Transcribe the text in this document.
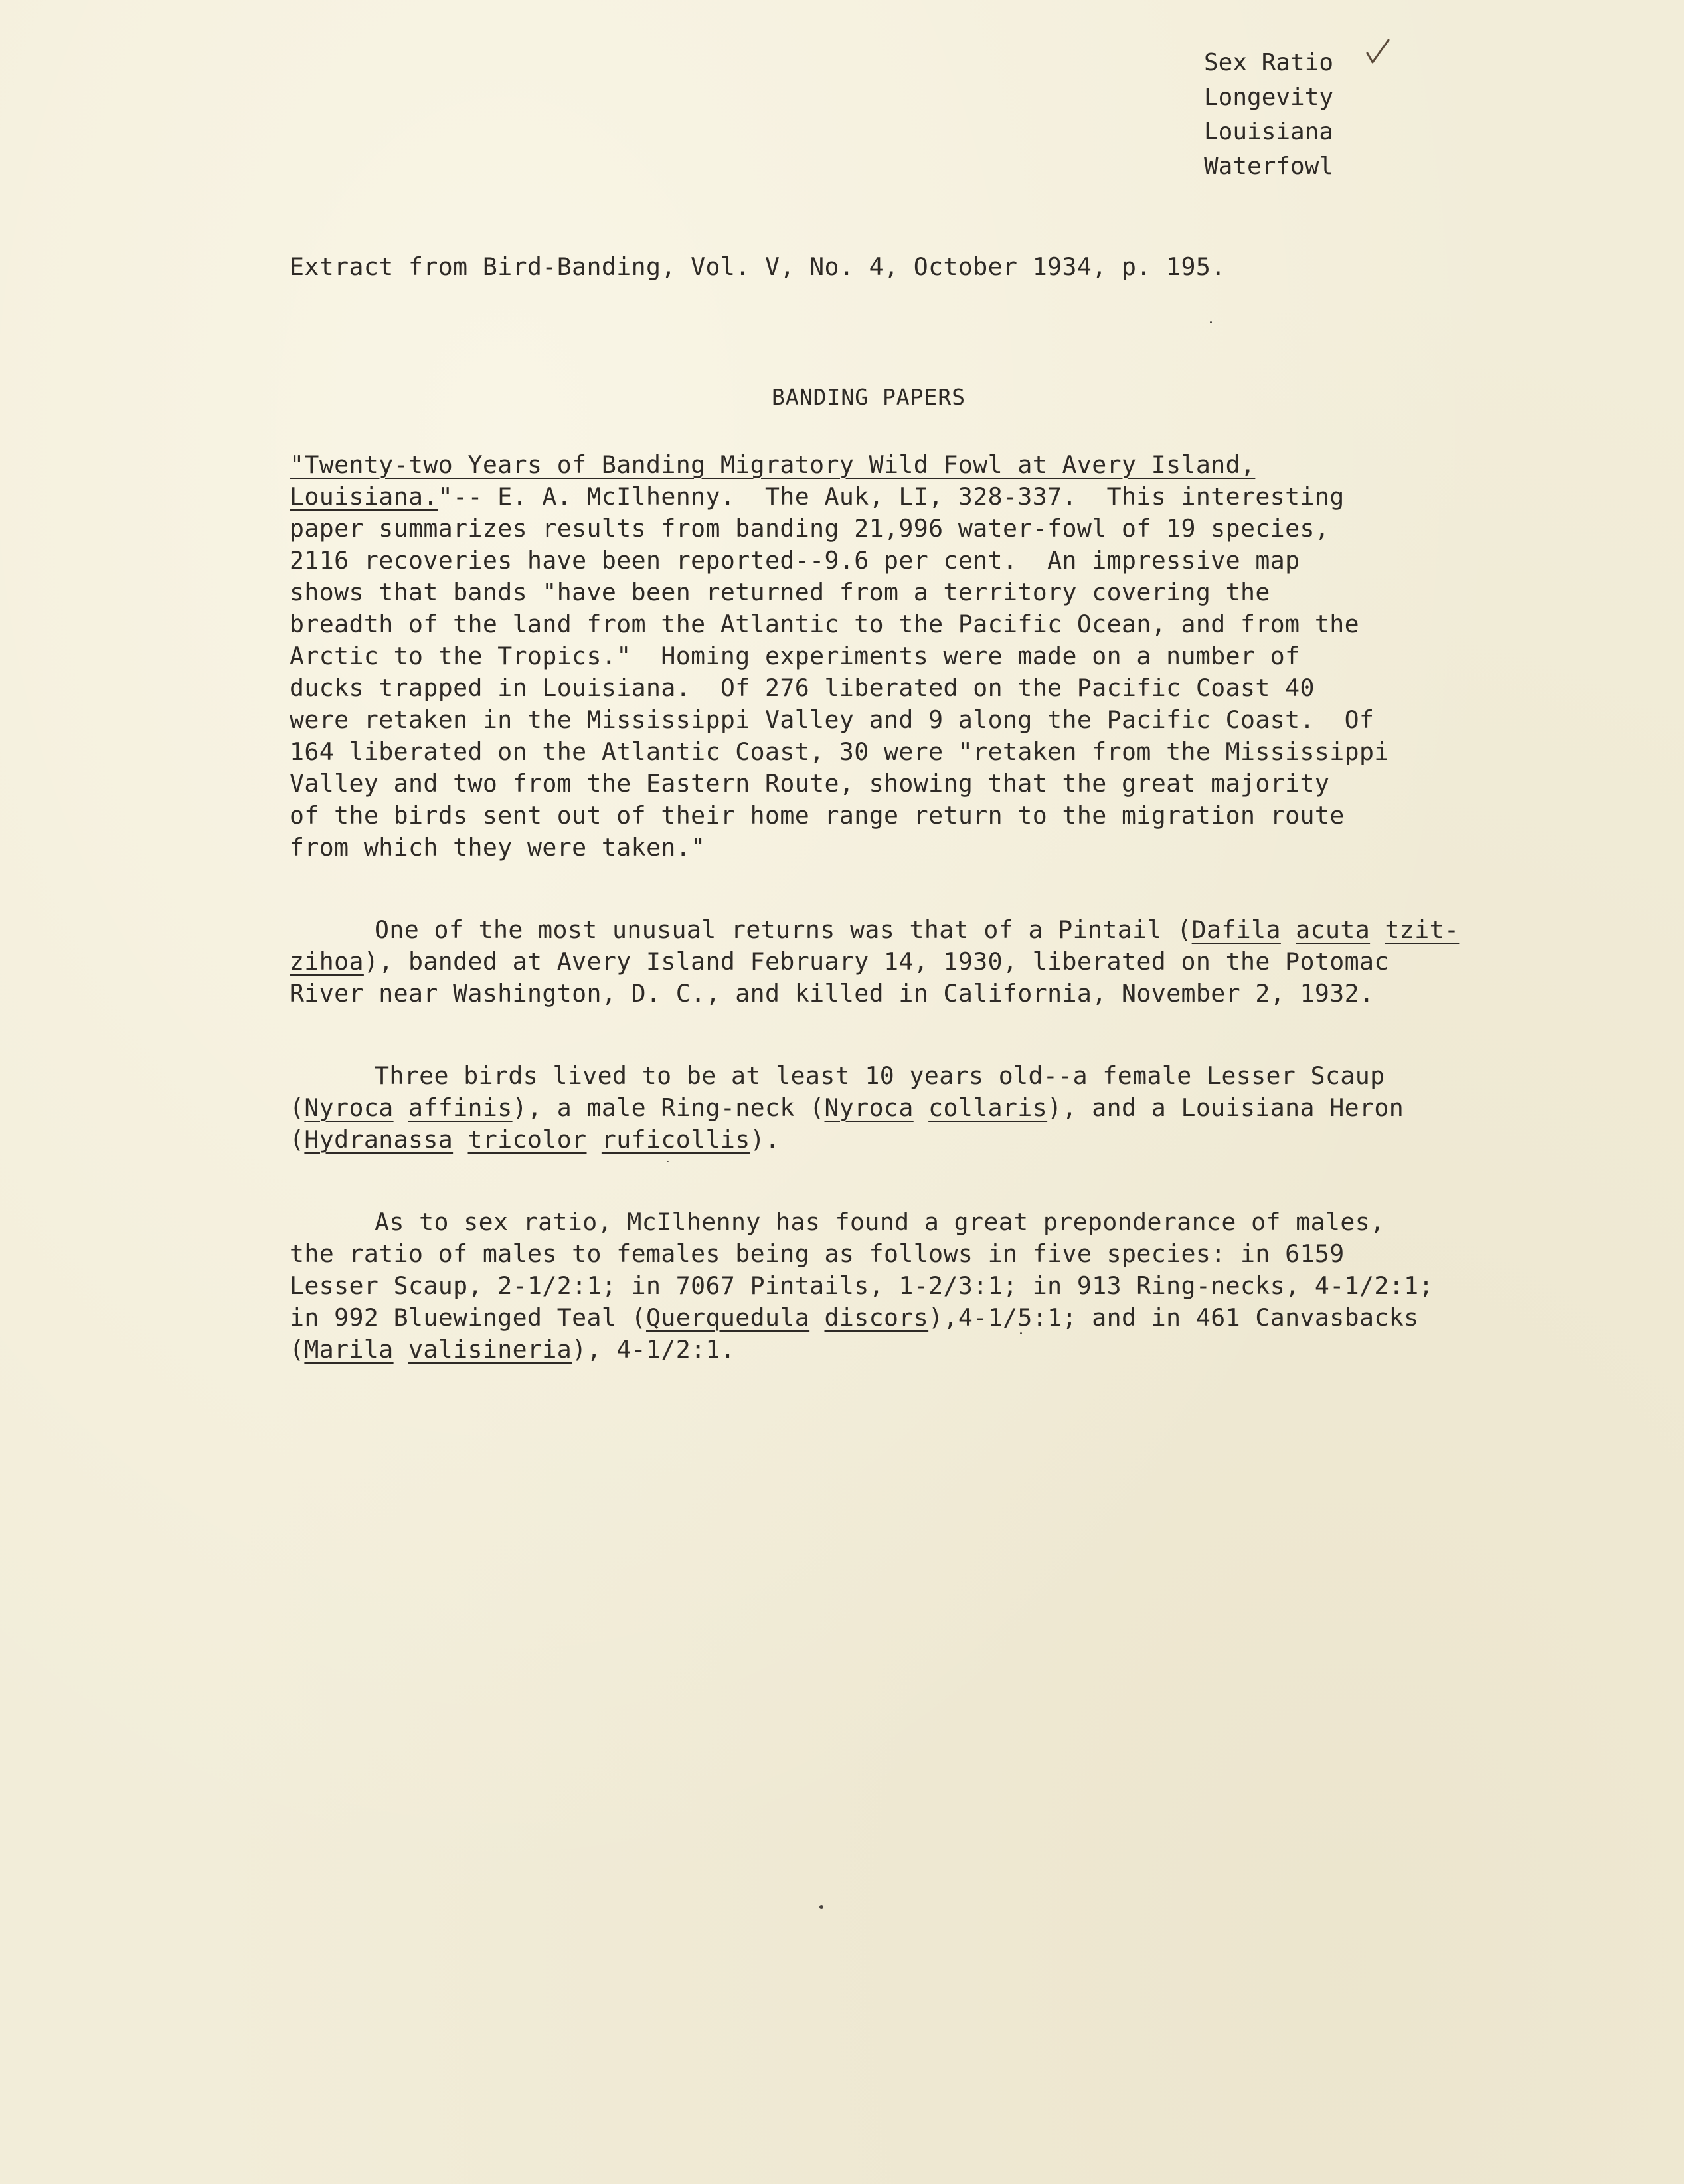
Sex Ratio
Longevity
Louisiana
Waterfowl
Extract from Bird-Banding, Vol. V, No. 4, October 1934, p. 195.
BANDING PAPERS
"Twenty-two Years of Banding Migratory Wild Fowl at Avery Island,
Louisiana."-- E. A. McIlhenny.  The Auk, LI, 328-337.  This interesting
paper summarizes results from banding 21,996 water-fowl of 19 species,
2116 recoveries have been reported--9.6 per cent.  An impressive map
shows that bands "have been returned from a territory covering the
breadth of the land from the Atlantic to the Pacific Ocean, and from the
Arctic to the Tropics."  Homing experiments were made on a number of
ducks trapped in Louisiana.  Of 276 liberated on the Pacific Coast 40
were retaken in the Mississippi Valley and 9 along the Pacific Coast.  Of
164 liberated on the Atlantic Coast, 30 were "retaken from the Mississippi
Valley and two from the Eastern Route, showing that the great majority
of the birds sent out of their home range return to the migration route
from which they were taken."
One of the most unusual returns was that of a Pintail (Dafila acuta tzit-
zihoa), banded at Avery Island February 14, 1930, liberated on the Potomac
River near Washington, D. C., and killed in California, November 2, 1932.
Three birds lived to be at least 10 years old--a female Lesser Scaup
(Nyroca affinis), a male Ring-neck (Nyroca collaris), and a Louisiana Heron
(Hydranassa tricolor ruficollis).
As to sex ratio, McIlhenny has found a great preponderance of males,
the ratio of males to females being as follows in five species: in 6159
Lesser Scaup, 2-1/2:1; in 7067 Pintails, 1-2/3:1; in 913 Ring-necks, 4-1/2:1;
in 992 Bluewinged Teal (Querquedula discors),4-1/5:1; and in 461 Canvasbacks
(Marila valisineria), 4-1/2:1.
